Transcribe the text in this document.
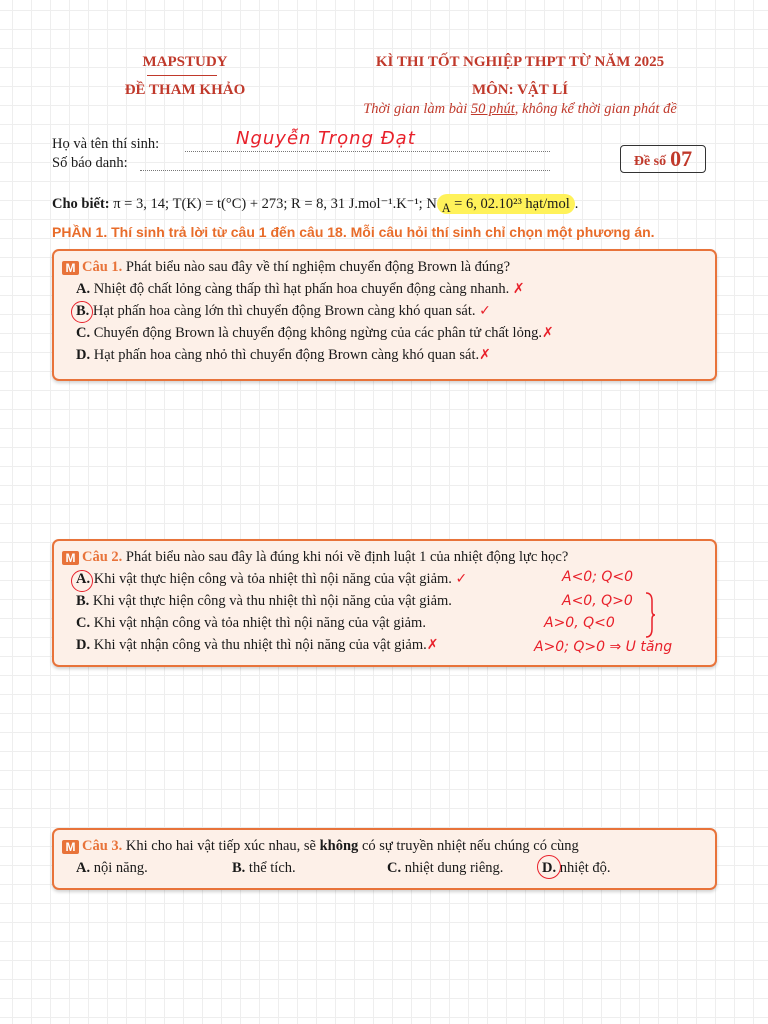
MAPSTUDY
ĐỀ THAM KHẢO
KÌ THI TỐT NGHIỆP THPT TỪ NĂM 2025
MÔN: VẬT LÍ
Thời gian làm bài 50 phút, không kể thời gian phát đề
Họ và tên thí sinh:	Nguyễn Trọng Đạt
Số báo danh:	Đề số 07
Cho biết: π = 3, 14; T(K) = t(°C) + 273; R = 8, 31 J.mol⁻¹.K⁻¹; N $_A$ = 6, 02.10²³ hạt/mol .
PHẦN 1. Thí sinh trả lời từ câu 1 đến câu 18. Mỗi câu hỏi thí sinh chỉ chọn một phương án.
M Câu 1. Phát biểu nào sau đây về thí nghiệm chuyển động Brown là đúng?
A. Nhiệt độ chất lỏng càng thấp thì hạt phấn hoa chuyển động càng nhanh. ✗
B. Hạt phấn hoa càng lớn thì chuyển động Brown càng khó quan sát. ✓
C. Chuyển động Brown là chuyển động không ngừng của các phân tử chất lỏng.✗
D. Hạt phấn hoa càng nhỏ thì chuyển động Brown càng khó quan sát.✗
M Câu 2. Phát biểu nào sau đây là đúng khi nói về định luật 1 của nhiệt động lực học?
A. Khi vật thực hiện công và tỏa nhiệt thì nội năng của vật giảm. ✓
B. Khi vật thực hiện công và thu nhiệt thì nội năng của vật giảm.
C. Khi vật nhận công và tỏa nhiệt thì nội năng của vật giảm.
D. Khi vật nhận công và thu nhiệt thì nội năng của vật giảm.✗
A<0; Q<0
A<0, Q>0
A>0, Q<0
A>0; Q>0 ⇒ U tăng
M Câu 3. Khi cho hai vật tiếp xúc nhau, sẽ không có sự truyền nhiệt nếu chúng có cùng
A. nội năng.	B. thể tích.	C. nhiệt dung riêng.	D. nhiệt độ.
